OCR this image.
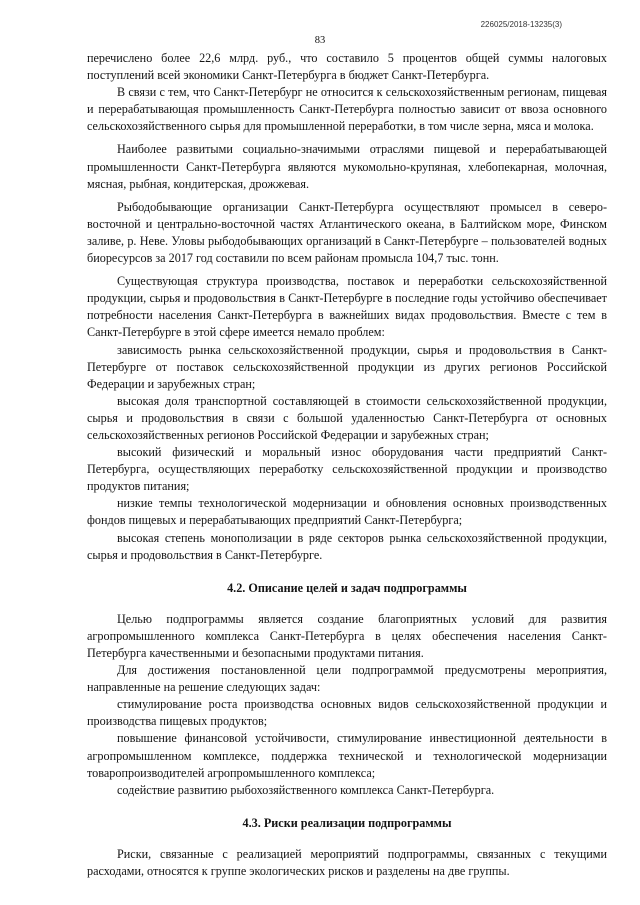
226025/2018-13235(3)
83

перечислено более 22,6 млрд. руб., что составило 5 процентов общей суммы налоговых поступлений всей экономики Санкт-Петербурга в бюджет Санкт-Петербурга.

В связи с тем, что Санкт-Петербург не относится к сельскохозяйственным регионам, пищевая и перерабатывающая промышленность Санкт-Петербурга полностью зависит от ввоза основного сельскохозяйственного сырья для промышленной переработки, в том числе зерна, мяса и молока.

Наиболее развитыми социально-значимыми отраслями пищевой и перерабатывающей промышленности Санкт-Петербурга являются мукомольно-крупяная, хлебопекарная, молочная, мясная, рыбная, кондитерская, дрожжевая.

Рыбодобывающие организации Санкт-Петербурга осуществляют промысел в северо-восточной и центрально-восточной частях Атлантического океана, в Балтийском море, Финском заливе, р. Неве. Уловы рыбодобывающих организаций в Санкт-Петербурге – пользователей водных биоресурсов за 2017 год составили по всем районам промысла 104,7 тыс. тонн.

Существующая структура производства, поставок и переработки сельскохозяйственной продукции, сырья и продовольствия в Санкт-Петербурге в последние годы устойчиво обеспечивает потребности населения Санкт-Петербурга в важнейших видах продовольствия. Вместе с тем в Санкт-Петербурге в этой сфере имеется немало проблем:

зависимость рынка сельскохозяйственной продукции, сырья и продовольствия в Санкт-Петербурге от поставок сельскохозяйственной продукции из других регионов Российской Федерации и зарубежных стран;

высокая доля транспортной составляющей в стоимости сельскохозяйственной продукции, сырья и продовольствия в связи с большой удаленностью Санкт-Петербурга от основных сельскохозяйственных регионов Российской Федерации и зарубежных стран;

высокий физический и моральный износ оборудования части предприятий Санкт-Петербурга, осуществляющих переработку сельскохозяйственной продукции и производство продуктов питания;

низкие темпы технологической модернизации и обновления основных производственных фондов пищевых и перерабатывающих предприятий Санкт-Петербурга;

высокая степень монополизации в ряде секторов рынка сельскохозяйственной продукции, сырья и продовольствия в Санкт-Петербурге.

4.2. Описание целей и задач подпрограммы

Целью подпрограммы является создание благоприятных условий для развития агропромышленного комплекса Санкт-Петербурга в целях обеспечения населения Санкт-Петербурга качественными и безопасными продуктами питания.

Для достижения постановленной цели подпрограммой предусмотрены мероприятия, направленные на решение следующих задач:

стимулирование роста производства основных видов сельскохозяйственной продукции и производства пищевых продуктов;

повышение финансовой устойчивости, стимулирование инвестиционной деятельности в агропромышленном комплексе, поддержка технической и технологической модернизации товаропроизводителей агропромышленного комплекса;

содействие развитию рыбохозяйственного комплекса Санкт-Петербурга.

4.3. Риски реализации подпрограммы

Риски, связанные с реализацией мероприятий подпрограммы, связанных с текущими расходами, относятся к группе экологических рисков и разделены на две группы.
